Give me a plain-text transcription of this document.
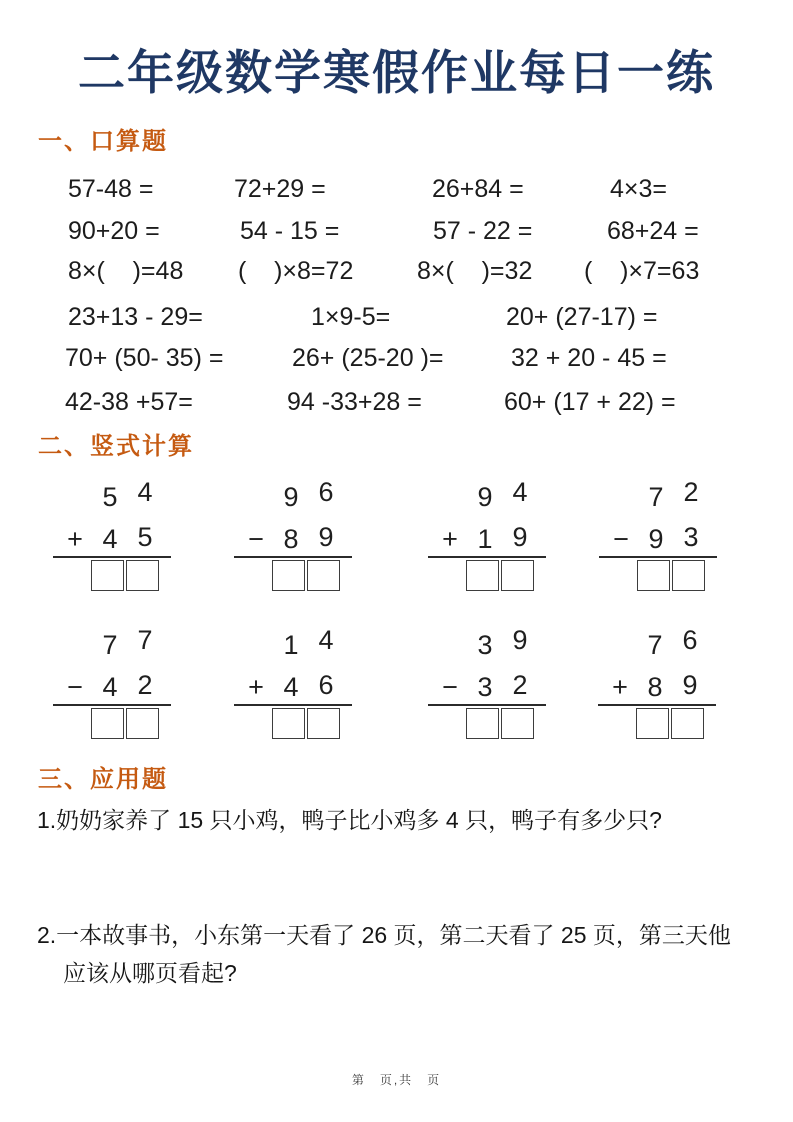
二年级数学寒假作业每日一练
一、口算题
57-48 =	72+29 =	26+84 =	4×3=
90+20 =	54 - 15 =	57 - 22 =	68+24 =
8×(    )=48 (    )×8=72	8×(    )=32 (    )×7=63
23+13 - 29=	1×9-5=	20+ (27-17) =
70+ (50- 35) =	26+ (25-20 )=	32 + 20 - 45 =
42-38 +57=	94 -33+28 =	60+ (17 + 22) =
二、竖式计算
5 4
+ 4 5
9 6
− 8 9
9 4
+ 1 9
7 2
− 9 3
7 7
− 4 2
1 4
+ 4 6
3 9
− 3 2
7 6
+ 8 9
三、应用题
1.奶奶家养了 15 只小鸡，鸭子比小鸡多 4 只，鸭子有多少只?
2.一本故事书，小东第一天看了 26 页，第二天看了 25 页，第三天他
应该从哪页看起?
第　页,共　页
